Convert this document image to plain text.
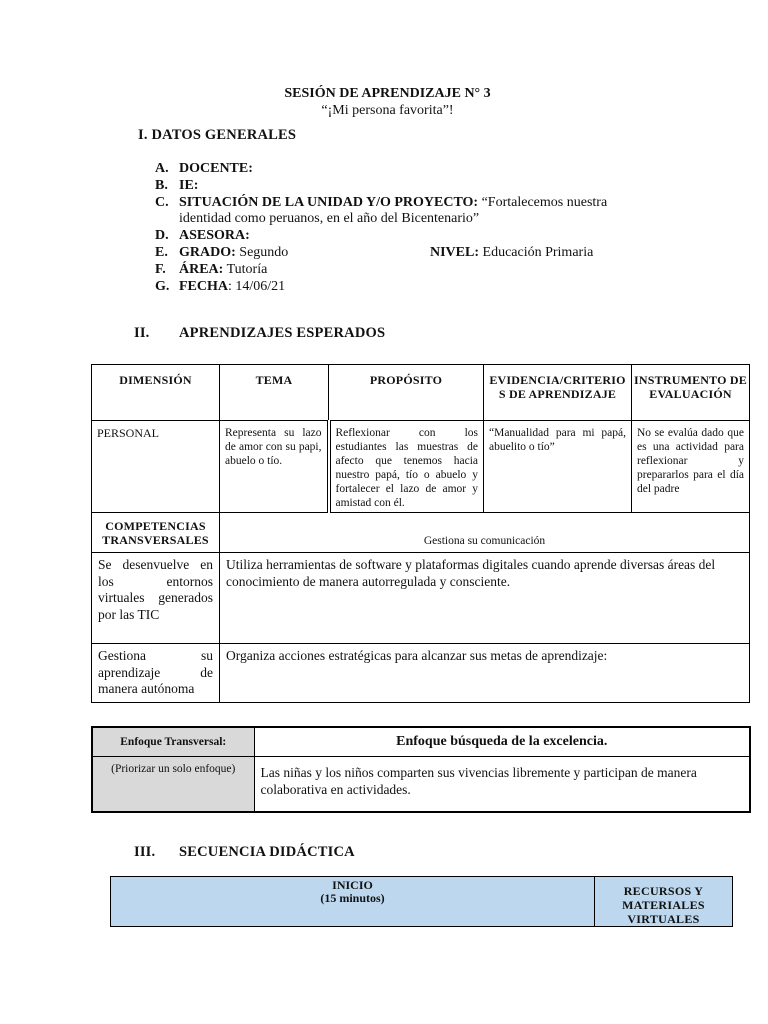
SESIÓN DE APRENDIZAJE N° 3
“¡Mi persona favorita”!
I. DATOS GENERALES
A. DOCENTE:
B. IE:
C. SITUACIÓN DE LA UNIDAD Y/O PROYECTO: “Fortalecemos nuestra
identidad como peruanos, en el año del Bicentenario”
D. ASESORA:
E. GRADO: Segundo	NIVEL: Educación Primaria
F. ÁREA: Tutoría
G. FECHA: 14/06/21
II. APRENDIZAJES ESPERADOS
DIMENSIÓN	TEMA	PROPÓSITO	EVIDENCIA/CRITERIOS DE APRENDIZAJE	INSTRUMENTO DE EVALUACIÓN
PERSONAL	Representa su lazo de amor con su papi, abuelo o tío.	Reflexionar con los estudiantes las muestras de afecto que tenemos hacia nuestro papá, tío o abuelo y fortalecer el lazo de amor y amistad con él.	“Manualidad para mi papá, abuelito o tío”	No se evalúa dado que es una actividad para reflexionar y prepararlos para el día del padre
COMPETENCIAS TRANSVERSALES	Gestiona su comunicación			
Se desenvuelve en los entornos virtuales generados por las TIC	Utiliza herramientas de software y plataformas digitales cuando aprende diversas áreas del conocimiento de manera autorregulada y consciente.			
Gestiona su aprendizaje de manera autónoma	Organiza acciones estratégicas para alcanzar sus metas de aprendizaje:			
Enfoque Transversal:	Enfoque búsqueda de la excelencia.
(Priorizar un solo enfoque)	Las niñas y los niños comparten sus vivencias libremente y participan de manera colaborativa en actividades.
III. SECUENCIA DIDÁCTICA
INICIO
(15 minutos)	RECURSOS Y MATERIALES VIRTUALES
